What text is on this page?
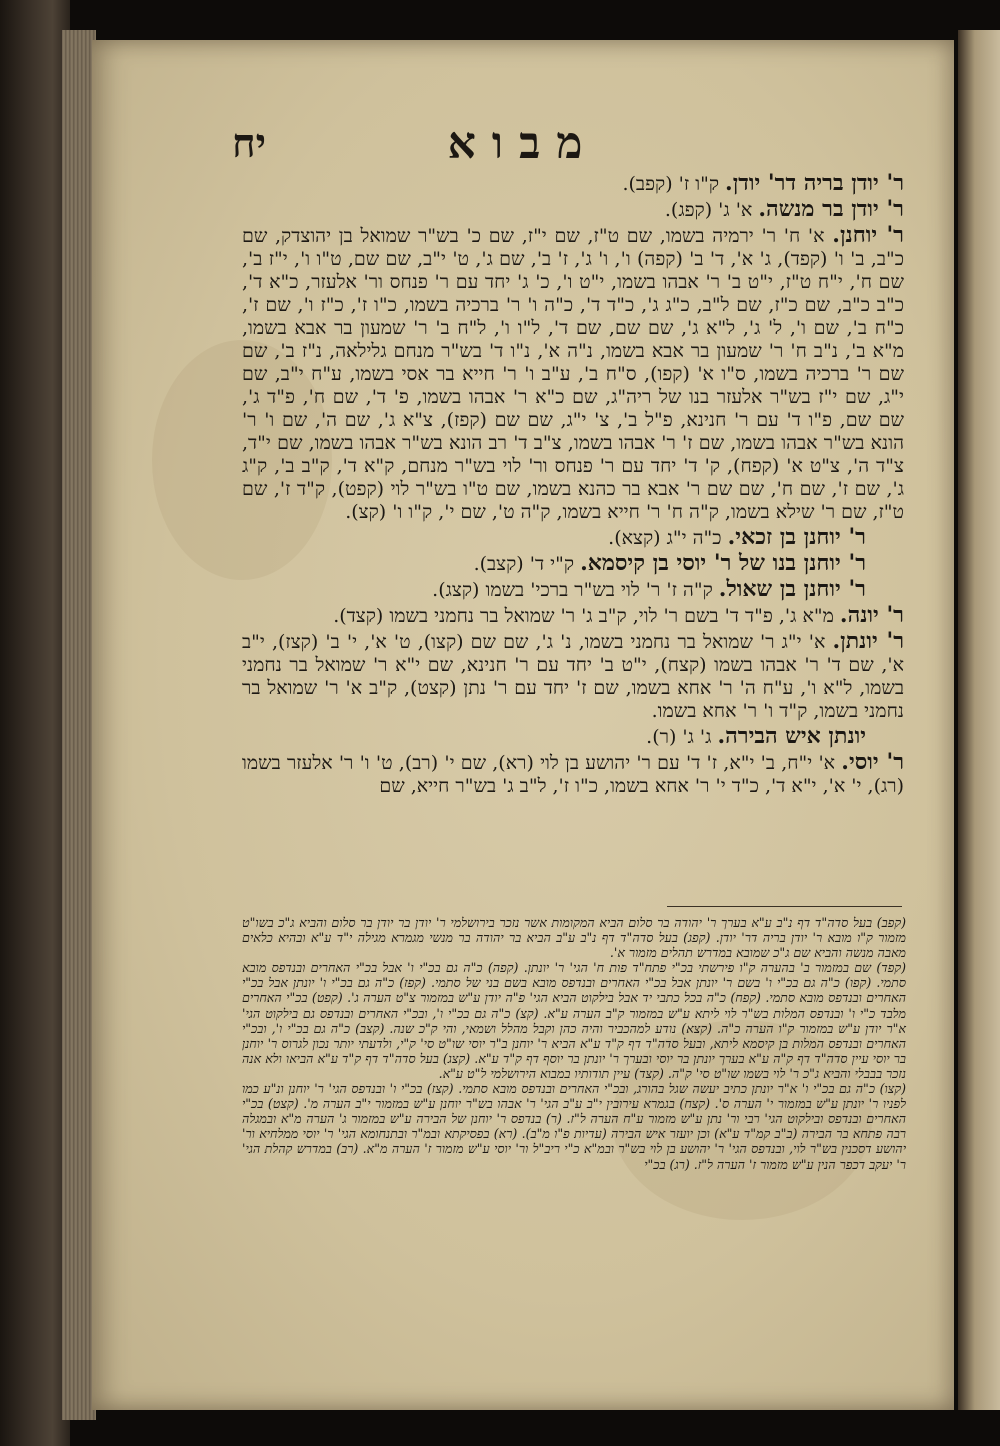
מבוא
יח

ר' יודן בריה דר' יודן. ק"ו ז' (קפב).

ר' יודן בר מנשה. א' ג' (קפג).

ר' יוחנן. א' ח' ר' ירמיה בשמו, שם ט"ז, שם י"ז, שם כ' בש"ר שמואל בן יהוצדק, שם כ"ב, ב' ו' (קפד), ג' א', ד' ב' (קפה) ו', ו' ג', ז' ב', שם ג', ט' י"ב, שם שם, ט"ו ו', י"ז ב', שם ח', י"ח ט"ז, י"ט ב' ר' אבהו בשמו, י"ט ו', כ' ג' יחד עם ר' פנחס ור' אלעזר, כ"א ד', כ"ב כ"ב, שם כ"ז, שם ל"ב, כ"ג ג', כ"ד ד', כ"ה ו' ר' ברכיה בשמו, כ"ו ז', כ"ז ו', שם ז', כ"ח ב', שם ו', ל' ג', ל"א ג', שם שם, שם ד', ל"ו ו', ל"ח ב' ר' שמעון בר אבא בשמו, מ"א ב', נ"ב ח' ר' שמעון בר אבא בשמו, נ"ה א', נ"ו ד' בש"ר מנחם גלילאה, נ"ז ב', שם שם ר' ברכיה בשמו, ס"ו א' (קפו), ס"ח ב', ע"ב ו' ר' חייא בר אסי בשמו, ע"ח י"ב, שם י"ג, שם י"ז בש"ר אלעזר בנו של ריה"ג, שם כ"א ר' אבהו בשמו, פ' ד', שם ח', פ"ד ג', שם שם, פ"ו ד' עם ר' חנינא, פ"ל ב', צ' י"ג, שם שם (קפז), צ"א ג', שם ה', שם ו' ר' הונא בש"ר אבהו בשמו, שם ז' ר' אבהו בשמו, צ"ב ד' רב הונא בש"ר אבהו בשמו, שם י"ד, צ"ד ה', צ"ט א' (קפח), ק' ד' יחד עם ר' פנחס ור' לוי בש"ר מנחם, ק"א ד', ק"ב ב', ק"ג ג', שם ז', שם ח', שם שם ר' אבא בר כהנא בשמו, שם ט"ו בש"ר לוי (קפט), ק"ד ז', שם ט"ז, שם ר' שילא בשמו, ק"ה ח' ר' חייא בשמו, ק"ה ט', שם י', ק"ו ו' (קצ).

ר' יוחנן בן זכאי. כ"ה י"ג (קצא).

ר' יוחנן בנו של ר' יוסי בן קיסמא. ק"י ד' (קצב).

ר' יוחנן בן שאול. ק"ה ז' ר' לוי בש"ר ברכי' בשמו (קצג).

ר' יונה. מ"א ג', פ"ד ד' בשם ר' לוי, ק"ב ג' ר' שמואל בר נחמני בשמו (קצד).

ר' יונתן. א' י"ג ר' שמואל בר נחמני בשמו, נ' ג', שם שם (קצו), ט' א', י' ב' (קצז), י"ב א', שם ד' ר' אבהו בשמו (קצח), י"ט ב' יחד עם ר' חנינא, שם י"א ר' שמואל בר נחמני בשמו, ל"א ו', ע"ח ה' ר' אחא בשמו, שם ז' יחד עם ר' נתן (קצט), ק"ב א' ר' שמואל בר נחמני בשמו, ק"ד ו' ר' אחא בשמו.

יונתן איש הבירה. ג' ג' (ר).

ר' יוסי. א' י"ח, ב' י"א, ז' ד' עם ר' יהושע בן לוי (רא), שם י' (רב), ט' ו' ר' אלעזר בשמו (רג), י' א', י"א ד', כ"ד י' ר' אחא בשמו, כ"ו ז', ל"ב ג' בש"ר חייא, שם

(קפב) בעל סדה"ד דף נ"ב ע"א בערך ר' יהודה בר סלום הביא המקומות אשר נזכר בירושלמי ר' יודן בר יודן בר סלום והביא ג"כ בשו"ט מזמור ק"ו מובא ר' יודן בריה דר' יודן. (קפג) בעל סדה"ד דף נ"ב ע"ב הביא בר יהודה בר מנשי מגמרא מגילה י"ד ע"א ובהיא כלאים מאבה מנשה והביא שם ג"כ שמובא במדרש תהלים מזמור א'.

(קפד) שם במזמור ב' בהערה ק"ו פירשתי בכ"י פתח"ד פות ח' הגי' ר' יונתן. (קפה) כ"ה גם בכ"י ו' אבל בכ"י האחרים ובנדפס מובא סתמי. (קפו) כ"ה גם בכ"י ו' בשם ר' יונתן אבל בכ"י האחרים ובנדפס מובא בשם בני של סתמי. (קפז) כ"ה גם בכ"י ו' יונתן אבל בכ"י האחרים ובנדפס מובא סתמי. (קפח) כ"ה בכל כתבי יד אבל בילקוט הביא הגי' פ"ה יודן ע"ש במזמור צ"ט הערה ג'. (קפט) בכ"י האחרים מלבד כ"י ו' ובנדפס המלות בש"ר לוי ליתא ע"ש במזמור ק"ב הערה ע"א. (קצ) כ"ה גם בכ"י ו', ובכ"י האחרים ובנדפס גם בילקוט הגי' א"ר יודן ע"ש במזמור ק"ו הערה כ"ה. (קצא) נודע למהכביר והיה כהן וקבל מהלל ושמאי, והי ק"כ שנה. (קצב) כ"ה גם בכ"י ו', ובכ"י האחרים ובנדפס המלות בן קיסמא ליתא, ובעל סדה"ד דף ק"ד ע"א הביא ר' יוחנן ב"ר יוסי שו"ט סי' ק"י, ולדעתי יותר נכון לגרוס ר' יוחנן בר יוסי עיין סדה"ד דף ק"ה ע"א בערך יונתן בר יוסי ובערך ר' יונתן בר יוסף דף ק"ד ע"א. (קצג) בעל סדה"ד דף ק"ד ע"א הביאו ולא אנה נזכר בבבלי והביא ג"כ ר' לוי בשמו שו"ט סי' ק"ה. (קצד) עיין תודותיו במבוא הירושלמי ל"ט ע"א.

(קצו) כ"ה גם בכ"י ו' א"ר יונתן כתיב יעשה שגל בהורג, ובכ"י האחרים ובנדפס מובא סתמי. (קצז) בכ"י ו' ובנדפס הגי' ר' יוחנן ונ"ע כמו לפניו ר' יונתן ע"ש במזמור י' הערה ס'. (קצח) בגמרא עירובין י"ב ע"ב הגי' ר' אבהו בש"ר יוחנן ע"ש במזמור י"ב הערה מ'. (קצט) בכ"י האחרים ובנדפס ובילקוט הגי' רבי ור' נתן ע"ש מזמור ע"ח הערה ל"ז. (ר) בנדפס ר' יוחנן של הבירה ע"ש במזמור ג' הערה מ"א ובמגלה רבה פתחא בר הבירה (ב"ב קמ"ד ע"א) וכן יועזר איש הבירה (עדיות פ"ו מ"ב). (רא) בפסיקתא ובמ"ר ובתנחומא הגי' ר' יוסי ממלחיא ור' יהושע דסכנין בש"ר לוי, ובנדפס הגי' ר' יהושע בן לוי בש"ר ובמ"א כ"י ריב"ל ור' יוסי ע"ש מזמור ז' הערה מ"א. (רב) במדרש קהלת הגי' ר' יעקב דכפר הנין ע"ש מזמור ז' הערה ל"ז. (רג) בכ"י
